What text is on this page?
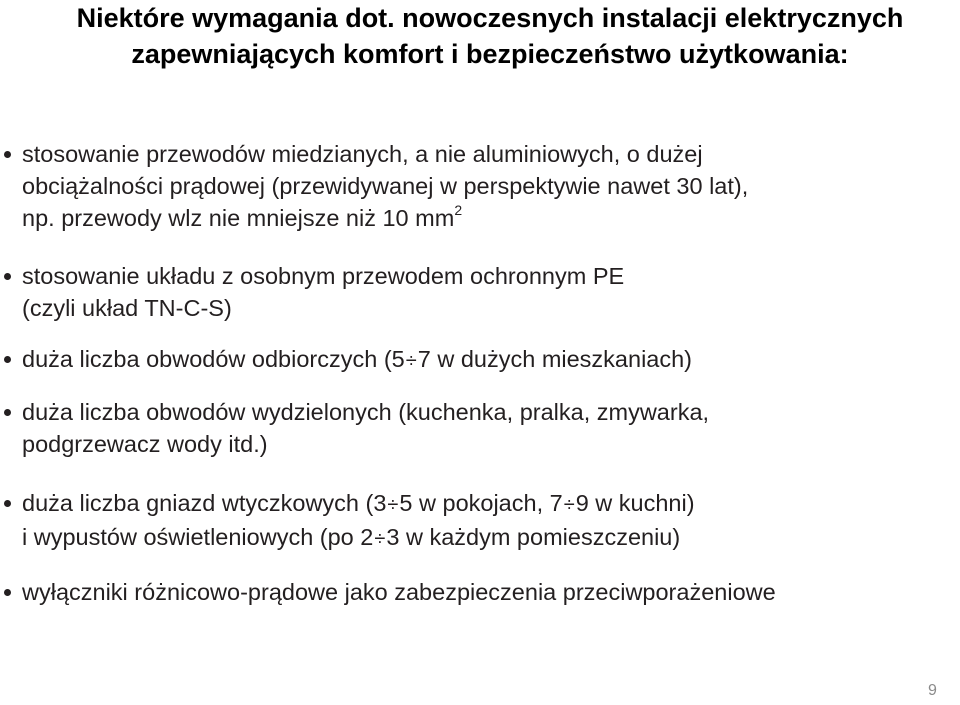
Niektóre wymagania dot. nowoczesnych instalacji elektrycznych
zapewniających komfort i bezpieczeństwo użytkowania:
stosowanie przewodów miedzianych, a nie aluminiowych, o dużej
obciążalności prądowej (przewidywanej w perspektywie nawet 30 lat),
np. przewody wlz nie mniejsze niż 10 $mm^2$
stosowanie układu z osobnym przewodem ochronnym PE
(czyli układ TN-C-S)
duża liczba obwodów odbiorczych (5÷7 w dużych mieszkaniach)
duża liczba obwodów wydzielonych (kuchenka, pralka, zmywarka,
podgrzewacz wody itd.)
duża liczba gniazd wtyczkowych (3÷5 w pokojach, 7÷9 w kuchni)
i wypustów oświetleniowych (po 2÷3 w każdym pomieszczeniu)
wyłączniki różnicowo-prądowe jako zabezpieczenia przeciwporażeniowe
9
